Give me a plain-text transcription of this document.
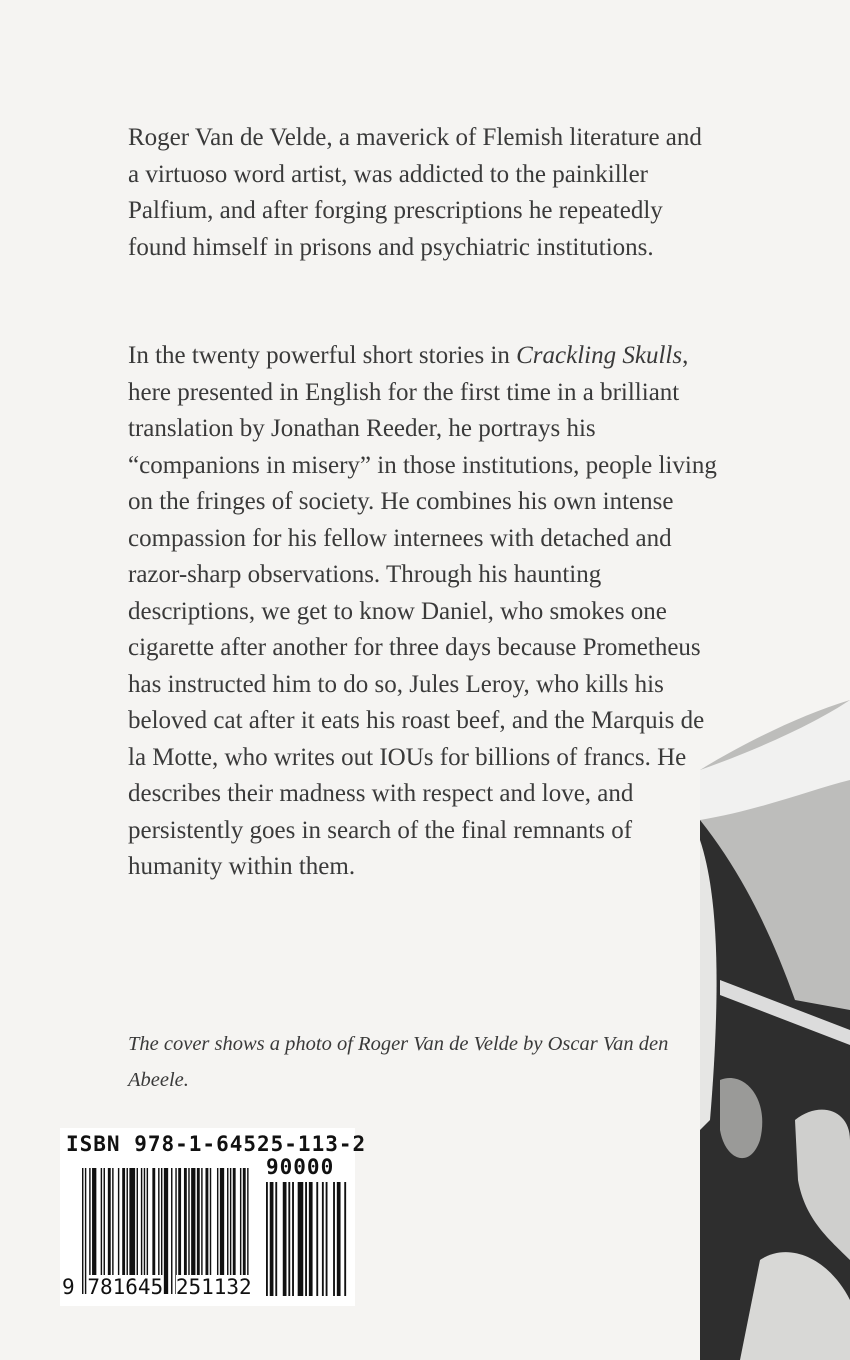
Roger Van de Velde, a maverick of Flemish literature and a virtuoso word artist, was addicted to the painkiller Palfium, and after forging prescriptions he repeatedly found himself in prisons and psychiatric institutions.
In the twenty powerful short stories in Crackling Skulls, here presented in English for the first time in a brilliant translation by Jonathan Reeder, he portrays his “companions in misery” in those institutions, people living on the fringes of society. He combines his own intense compassion for his fellow internees with detached and razor-sharp observations. Through his haunting descriptions, we get to know Daniel, who smokes one cigarette after another for three days because Prometheus has instructed him to do so, Jules Leroy, who kills his beloved cat after it eats his roast beef, and the Marquis de la Motte, who writes out IOUs for billions of francs. He describes their madness with respect and love, and persistently goes in search of the final remnants of humanity within them.
The cover shows a photo of Roger Van de Velde by Oscar Van den Abeele.
ISBN 978-1-64525-113-2
90000
9 781645 251132
